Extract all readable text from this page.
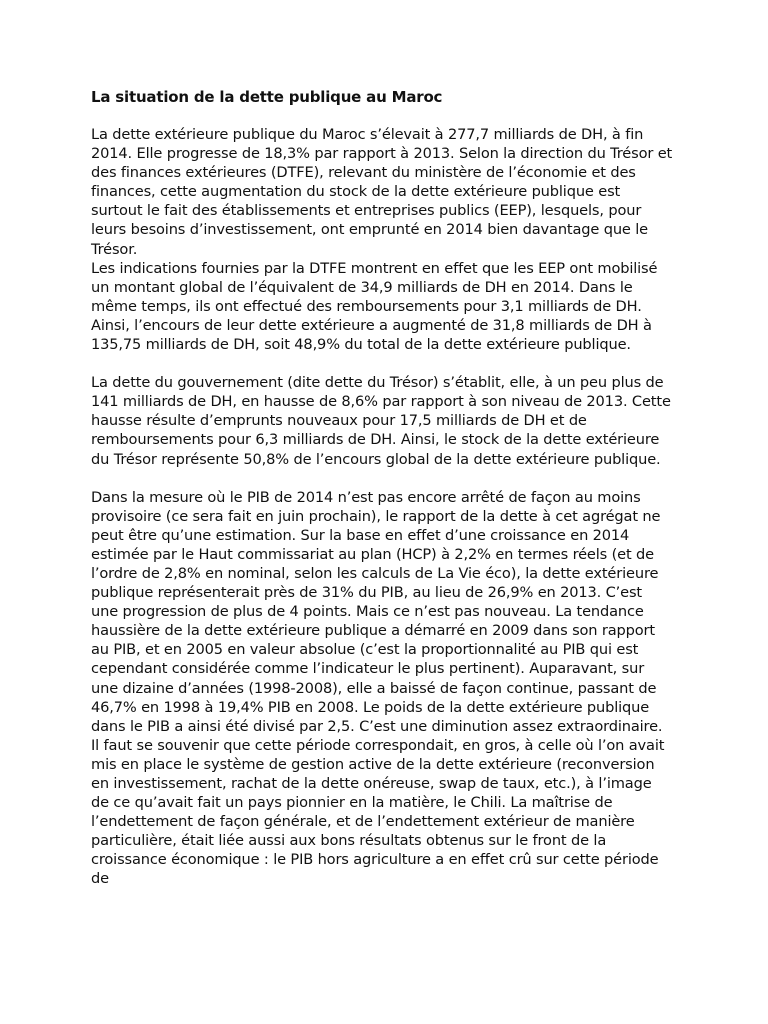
La situation de la dette publique au Maroc

La dette extérieure publique du Maroc s’élevait à 277,7 milliards de DH, à fin 2014. Elle progresse de 18,3% par rapport à 2013. Selon la direction du Trésor et des finances extérieures (DTFE), relevant du ministère de l’économie et des finances, cette augmentation du stock de la dette extérieure publique est surtout le fait des établissements et entreprises publics (EEP), lesquels, pour leurs besoins d’investissement, ont emprunté en 2014 bien davantage que le Trésor.

Les indications fournies par la DTFE montrent en effet que les EEP ont mobilisé un montant global de l’équivalent de 34,9 milliards de DH en 2014. Dans le même temps, ils ont effectué des remboursements pour 3,1 milliards de DH. Ainsi, l’encours de leur dette extérieure a augmenté de 31,8 milliards de DH à 135,75 milliards de DH, soit 48,9% du total de la dette extérieure publique.

La dette du gouvernement (dite dette du Trésor) s’établit, elle, à un peu plus de 141 milliards de DH, en hausse de 8,6% par rapport à son niveau de 2013. Cette hausse résulte d’emprunts nouveaux pour 17,5 milliards de DH et de remboursements pour 6,3 milliards de DH. Ainsi, le stock de la dette extérieure du Trésor représente 50,8% de l’encours global de la dette extérieure publique.

Dans la mesure où le PIB de 2014 n’est pas encore arrêté de façon au moins provisoire (ce sera fait en juin prochain), le rapport de la dette à cet agrégat ne peut être qu’une estimation. Sur la base en effet d’une croissance en 2014 estimée par le Haut commissariat au plan (HCP) à 2,2% en termes réels (et de l’ordre de 2,8% en nominal, selon les calculs de La Vie éco), la dette extérieure publique représenterait près de 31% du PIB, au lieu de 26,9% en 2013. C’est une progression de plus de 4 points. Mais ce n’est pas nouveau. La tendance haussière de la dette extérieure publique a démarré en 2009 dans son rapport au PIB, et en 2005 en valeur absolue (c’est la proportionnalité au PIB qui est cependant considérée comme l’indicateur le plus pertinent). Auparavant, sur une dizaine d’années (1998-2008), elle a baissé de façon continue, passant de 46,7% en 1998 à 19,4% PIB en 2008. Le poids de la dette extérieure publique dans le PIB a ainsi été divisé par 2,5. C’est une diminution assez extraordinaire. Il faut se souvenir que cette période correspondait, en gros, à celle où l’on avait mis en place le système de gestion active de la dette extérieure (reconversion en investissement, rachat de la dette onéreuse, swap de taux, etc.), à l’image de ce qu’avait fait un pays pionnier en la matière, le Chili. La maîtrise de l’endettement de façon générale, et de l’endettement extérieur de manière particulière, était liée aussi aux bons résultats obtenus sur le front de la croissance économique : le PIB hors agriculture a en effet crû sur cette période de
